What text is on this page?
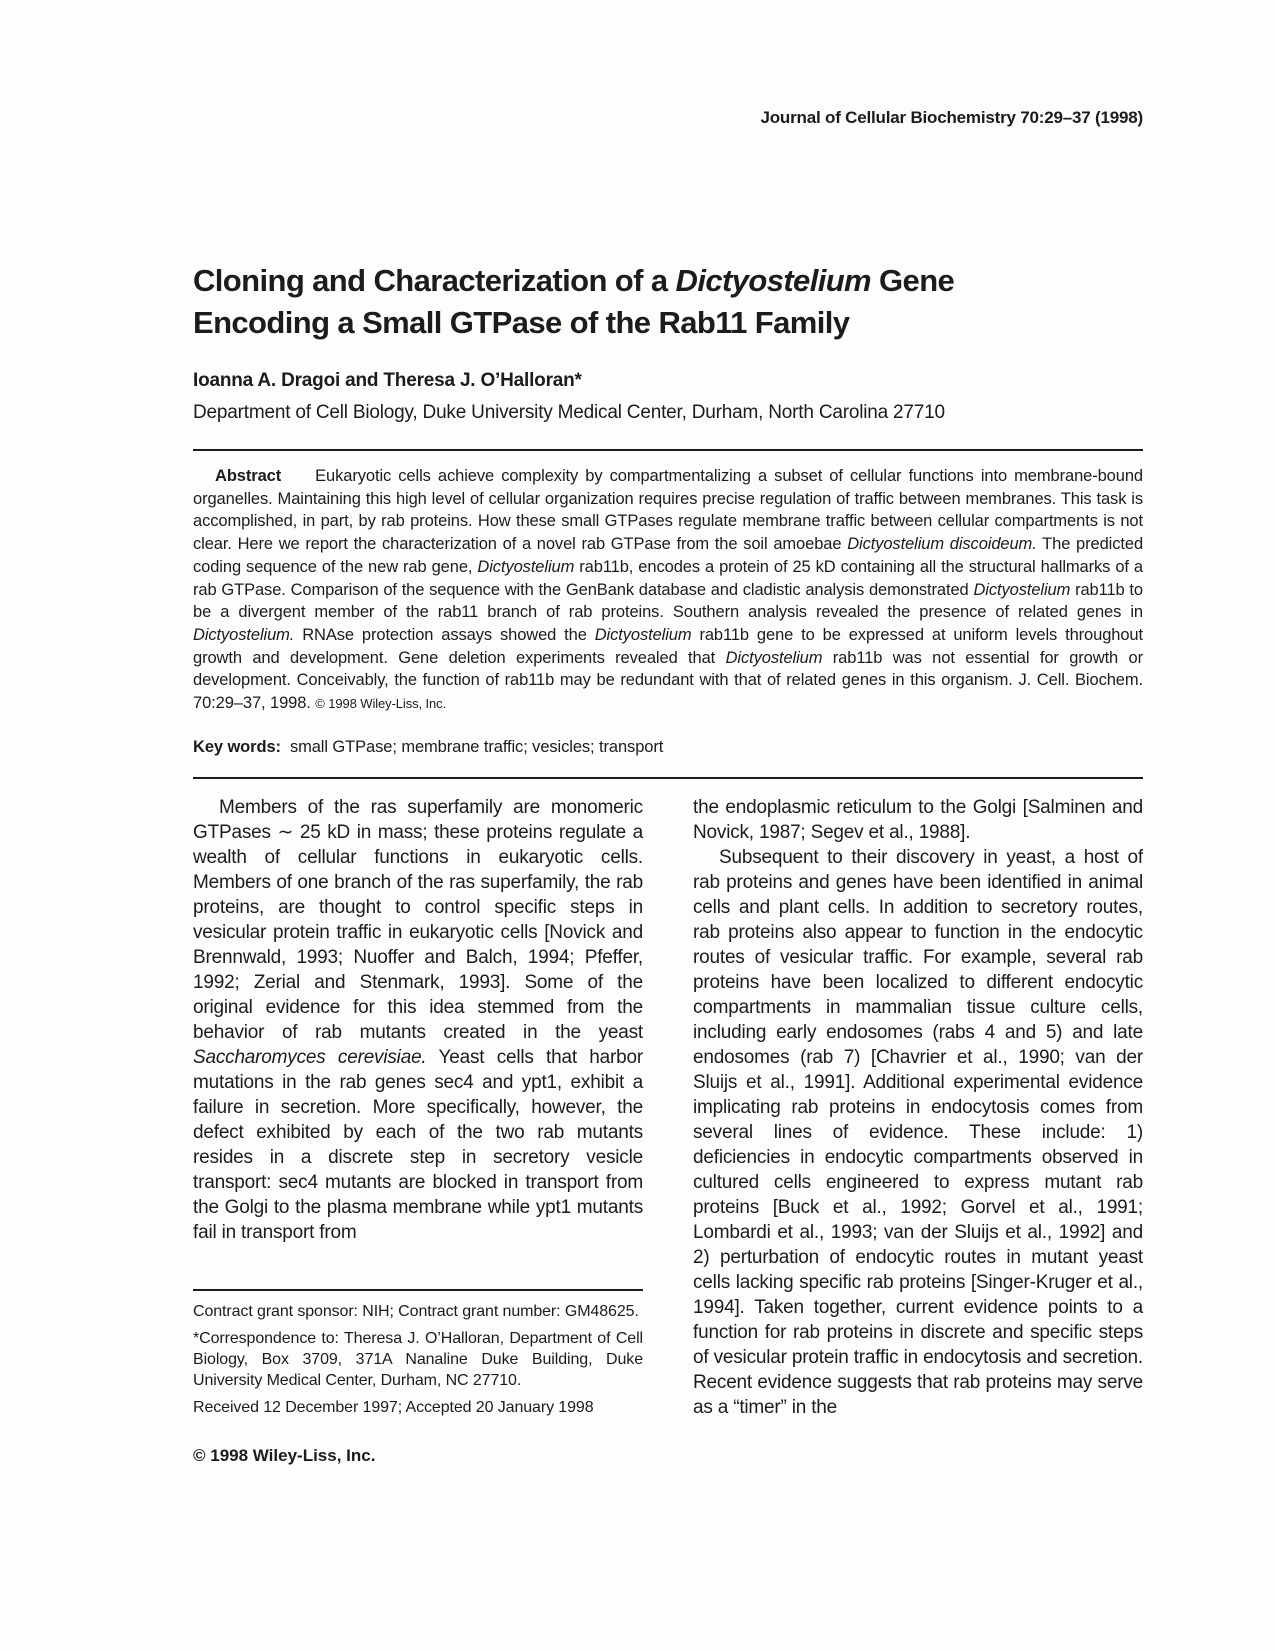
Journal of Cellular Biochemistry 70:29–37 (1998)
Cloning and Characterization of a Dictyostelium Gene
Encoding a Small GTPase of the Rab11 Family
Ioanna A. Dragoi and Theresa J. O’Halloran*
Department of Cell Biology, Duke University Medical Center, Durham, North Carolina 27710

Abstract Eukaryotic cells achieve complexity by compartmentalizing a subset of cellular functions into membrane-bound organelles. Maintaining this high level of cellular organization requires precise regulation of traffic between membranes. This task is accomplished, in part, by rab proteins. How these small GTPases regulate membrane traffic between cellular compartments is not clear. Here we report the characterization of a novel rab GTPase from the soil amoebae Dictyostelium discoideum. The predicted coding sequence of the new rab gene, Dictyostelium rab11b, encodes a protein of 25 kD containing all the structural hallmarks of a rab GTPase. Comparison of the sequence with the GenBank database and cladistic analysis demonstrated Dictyostelium rab11b to be a divergent member of the rab11 branch of rab proteins. Southern analysis revealed the presence of related genes in Dictyostelium. RNAse protection assays showed the Dictyostelium rab11b gene to be expressed at uniform levels throughout growth and development. Gene deletion experiments revealed that Dictyostelium rab11b was not essential for growth or development. Conceivably, the function of rab11b may be redundant with that of related genes in this organism. J. Cell. Biochem. 70:29–37, 1998. © 1998 Wiley-Liss, Inc.

Key words: small GTPase; membrane traffic; vesicles; transport

Members of the ras superfamily are monomeric GTPases ∼ 25 kD in mass; these proteins regulate a wealth of cellular functions in eukaryotic cells. Members of one branch of the ras superfamily, the rab proteins, are thought to control specific steps in vesicular protein traffic in eukaryotic cells [Novick and Brennwald, 1993; Nuoffer and Balch, 1994; Pfeffer, 1992; Zerial and Stenmark, 1993]. Some of the original evidence for this idea stemmed from the behavior of rab mutants created in the yeast Saccharomyces cerevisiae. Yeast cells that harbor mutations in the rab genes sec4 and ypt1, exhibit a failure in secretion. More specifically, however, the defect exhibited by each of the two rab mutants resides in a discrete step in secretory vesicle transport: sec4 mutants are blocked in transport from the Golgi to the plasma membrane while ypt1 mutants fail in transport from

Contract grant sponsor: NIH; Contract grant number: GM48625.

*Correspondence to: Theresa J. O’Halloran, Department of Cell Biology, Box 3709, 371A Nanaline Duke Building, Duke University Medical Center, Durham, NC 27710.

Received 12 December 1997; Accepted 20 January 1998

© 1998 Wiley-Liss, Inc.

the endoplasmic reticulum to the Golgi [Salminen and Novick, 1987; Segev et al., 1988].

Subsequent to their discovery in yeast, a host of rab proteins and genes have been identified in animal cells and plant cells. In addition to secretory routes, rab proteins also appear to function in the endocytic routes of vesicular traffic. For example, several rab proteins have been localized to different endocytic compartments in mammalian tissue culture cells, including early endosomes (rabs 4 and 5) and late endosomes (rab 7) [Chavrier et al., 1990; van der Sluijs et al., 1991]. Additional experimental evidence implicating rab proteins in endocytosis comes from several lines of evidence. These include: 1) deficiencies in endocytic compartments observed in cultured cells engineered to express mutant rab proteins [Buck et al., 1992; Gorvel et al., 1991; Lombardi et al., 1993; van der Sluijs et al., 1992] and 2) perturbation of endocytic routes in mutant yeast cells lacking specific rab proteins [Singer-Kruger et al., 1994]. Taken together, current evidence points to a function for rab proteins in discrete and specific steps of vesicular protein traffic in endocytosis and secretion. Recent evidence suggests that rab proteins may serve as a “timer” in the
